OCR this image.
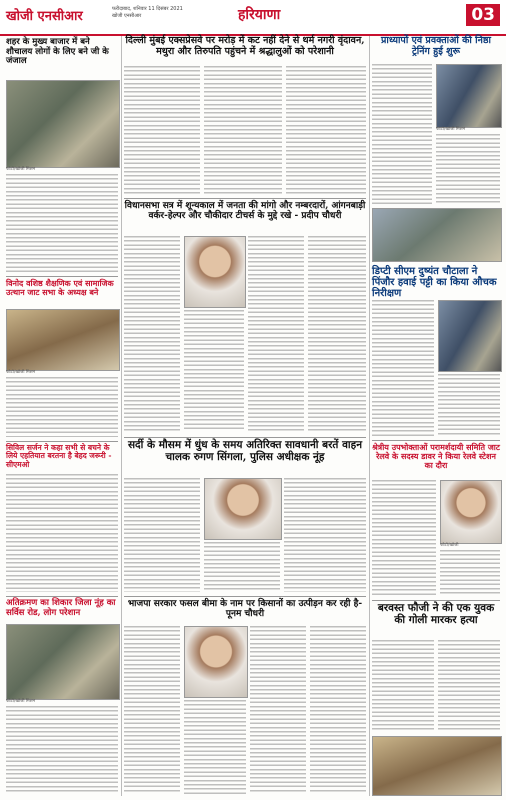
खोजी एनसीआर	फरीदाबाद, शनिवार 11 दिसंबर 2021
खोजी एनसीआर	हरियाणा	03
शहर के मुख्य बाजार में बने शौचालय लोगों के लिए बने जी के जंजाल
फोटो/खोजी मिशन
दिल्ली मुंबई एक्सप्रेसवे पर मरोड़ में कट नहीं देने से थर्म नगरी वृंदावन, मथुरा और तिरुपति पहुंचने में श्रद्धालुओं को परेशानी
प्राध्यापों एवं प्रवक्ताओं की निष्ठा ट्रेनिंग हुई शुरू
फोटो/खोजी मिशन
विनोद वशिष्ठ शैक्षणिक एवं सामाजिक उत्थान जाट सभा के अध्यक्ष बने
फोटो/खोजी मिशन
विधानसभा सत्र में शून्यकाल में जनता की मांगो और नम्बरदारों, आंगनबाड़ी वर्कर-हेल्पर और चौकीदार टीचर्स के मुद्दे रखे - प्रदीप चौधरी
डिप्टी सीएम दुष्यंत चौटाला ने पिंजौर हवाई पट्टी का किया औचक निरीक्षण
सिविल सर्जन ने कहा सभी से बचने के लिये एहतियात बरतना है बेहद जरूरी - सीएमओ
सर्दी के मौसम में धुंध के समय अतिरिक्त सावधानी बरतें वाहन चालक रुगण सिंगला, पुलिस अधीक्षक नूंह
श्रेत्रीय उपभोक्ताओं परामर्शदायी समिति जाट रेलवे के सदस्य डावर ने किया रेलवे स्टेशन का दौरा
फोटो/खोजी
अतिक्रमण का शिकार जिला नूंह का सर्विस रोड, लोग परेशान
फोटो/खोजी मिशन
भाजपा सरकार फसल बीमा के नाम पर किसानों का उत्पीड़न कर रही है-पूनम चौधरी
बरवस्त फौजी ने की एक युवक की गोली मारकर हत्या
